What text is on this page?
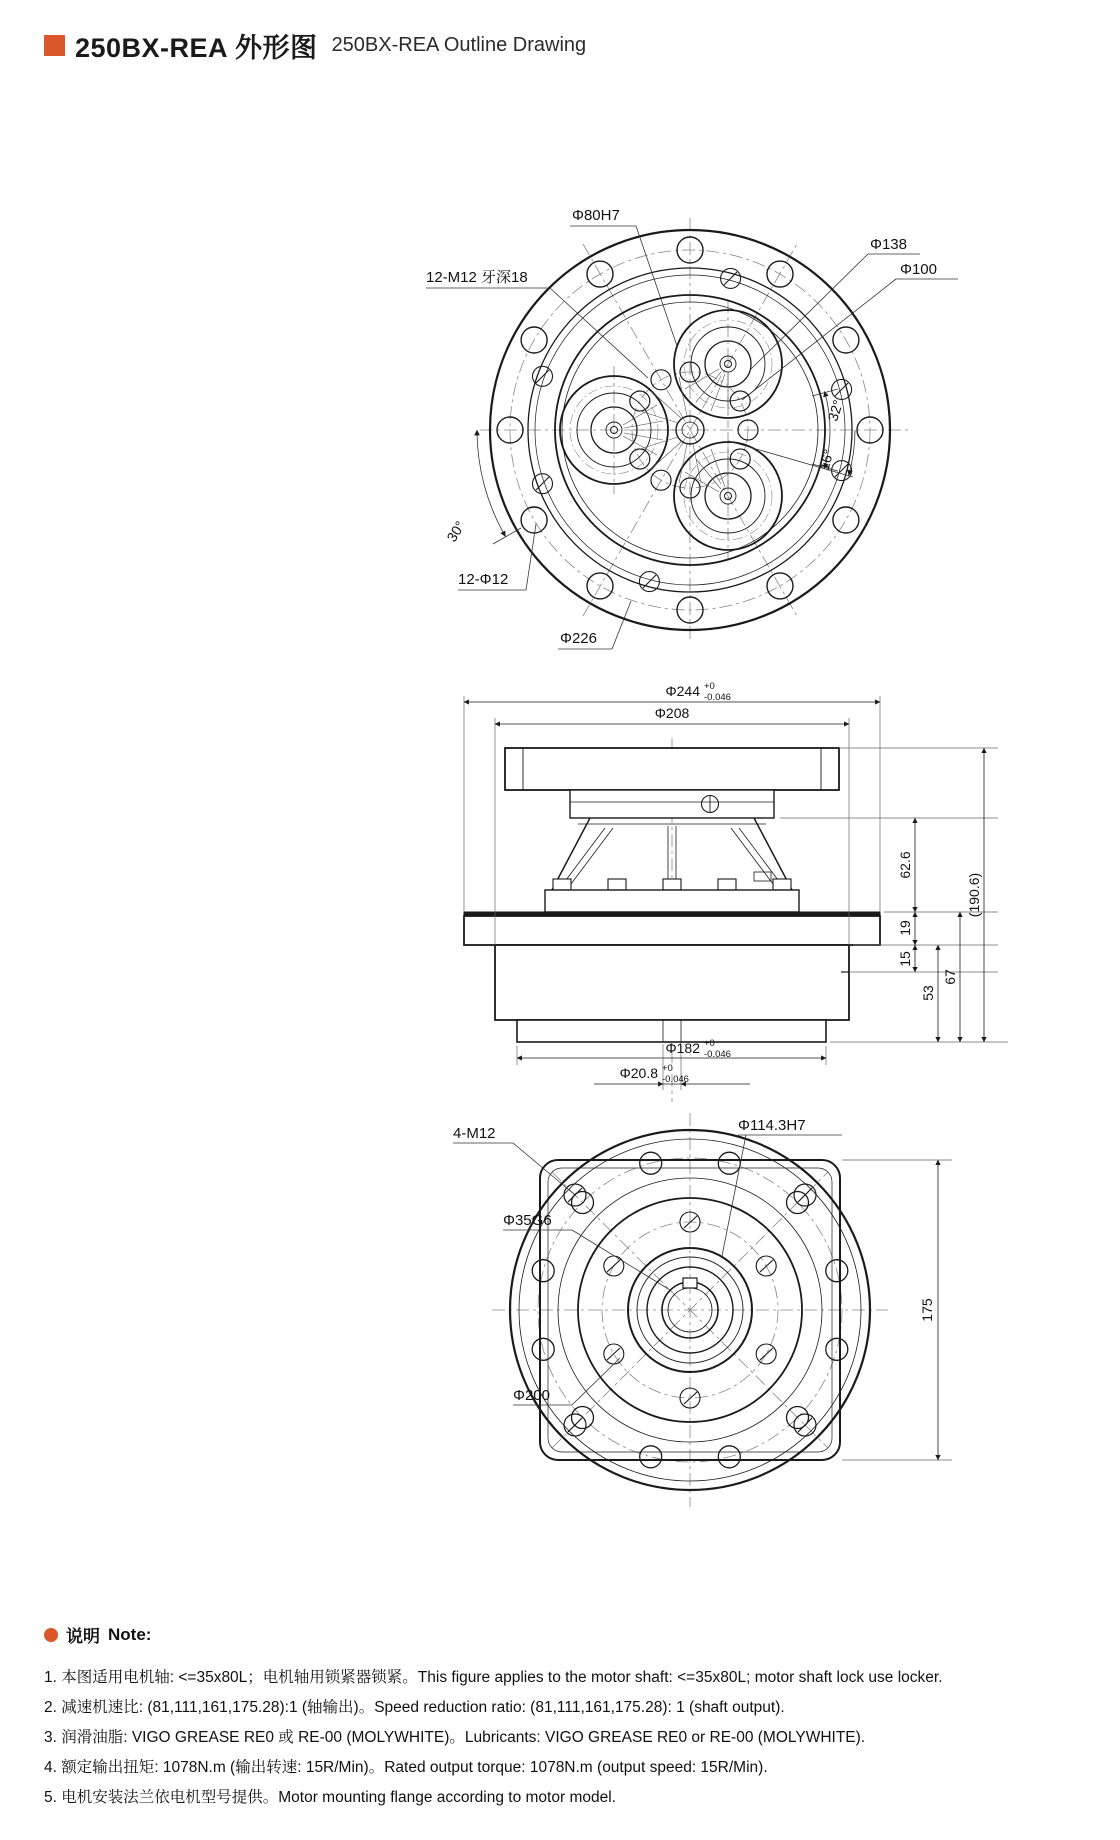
250BX-REA 外形图 250BX-REA Outline Drawing
30°
32°
16°
Φ80H7
12-M12 牙深18
Φ138
Φ100
12-Φ12
Φ226
Φ244 +0
-0.046
Φ208
62.6
19
15
53
67
(190.6)
Φ182 +0
-0.046
Φ20.8 +0
-0.046
175
4-M12	Φ114.3H7
Φ35G6
Φ200
说明 Note:
1. 本图适用电机轴: <=35x80L；电机轴用锁紧器锁紧。This figure applies to the motor shaft: <=35x80L; motor shaft lock use locker.
2. 减速机速比: (81,111,161,175.28):1 (轴输出)。Speed reduction ratio: (81,111,161,175.28): 1 (shaft output).
3. 润滑油脂: VIGO GREASE RE0 或 RE-00 (MOLYWHITE)。Lubricants: VIGO GREASE RE0 or RE-00 (MOLYWHITE).
4. 额定输出扭矩: 1078N.m (输出转速: 15R/Min)。Rated output torque: 1078N.m (output speed: 15R/Min).
5. 电机安装法兰依电机型号提供。Motor mounting flange according to motor model.
